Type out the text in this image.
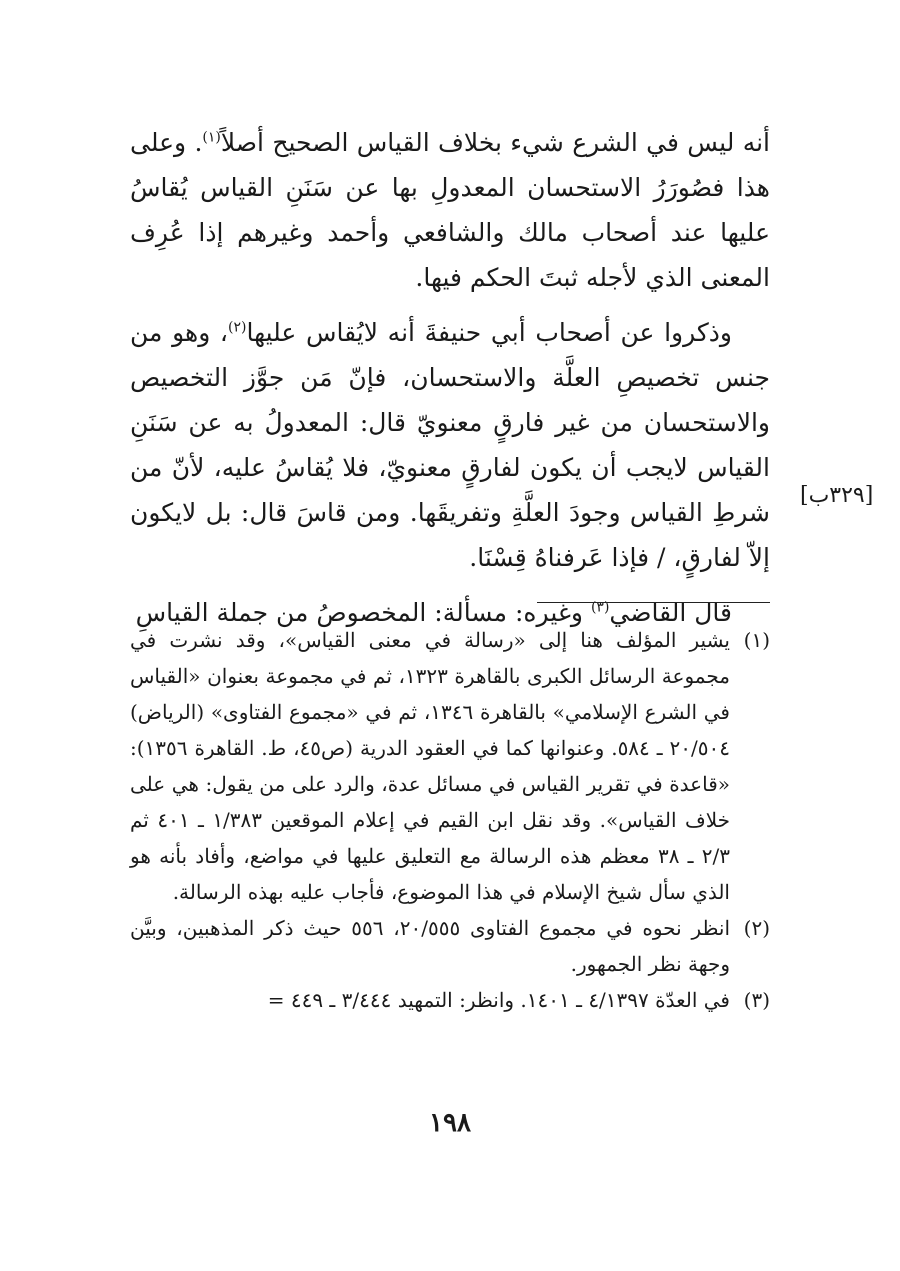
أنه ليس في الشرع شيء بخلاف القياس الصحيح أصلاً$^{(١)}$. وعلى هذا فصُورَرُ الاستحسان المعدولِ بها عن سَنَنِ القياس يُقاسُ عليها عند أصحاب مالك والشافعي وأحمد وغيرهم إذا عُرِف المعنى الذي لأجله ثبتَ الحكم فيها.

وذكروا عن أصحاب أبي حنيفةَ أنه لايُقاس عليها$^{(٢)}$، وهو من جنس تخصيصِ العلَّة والاستحسان، فإنّ مَن جوَّز التخصيص والاستحسان من غير فارقٍ معنويّ قال: المعدولُ به عن سَنَنِ القياس لايجب أن يكون لفارقٍ معنويّ، فلا يُقاسُ عليه، لأنّ من شرطِ القياس وجودَ العلَّةِ وتفريقَها. ومن قاسَ قال: بل لايكون إلاّ لفارقٍ، / فإذا عَرفناهُ قِسْنَا.

قال القاضي$^{(٣)}$ وغيره: مسألة: المخصوصُ من جملة القياسِ

[٣٢٩ب]
(١)
يشير المؤلف هنا إلى «رسالة في معنى القياس»، وقد نشرت في مجموعة الرسائل الكبرى بالقاهرة ١٣٢٣، ثم في مجموعة بعنوان «القياس في الشرع الإسلامي» بالقاهرة ١٣٤٦، ثم في «مجموع الفتاوى» (الرياض) ٢٠/٥٠٤ ـ ٥٨٤. وعنوانها كما في العقود الدرية (ص٤٥، ط. القاهرة ١٣٥٦): «قاعدة في تقرير القياس في مسائل عدة، والرد على من يقول: هي على خلاف القياس». وقد نقل ابن القيم في إعلام الموقعين ١/٣٨٣ ـ ٤٠١ ثم ٢/٣ ـ ٣٨ معظم هذه الرسالة مع التعليق عليها في مواضع، وأفاد بأنه هو الذي سأل شيخ الإسلام في هذا الموضوع، فأجاب عليه بهذه الرسالة.
(٢)
انظر نحوه في مجموع الفتاوى ٢٠/٥٥٥، ٥٥٦ حيث ذكر المذهبين، وبيَّن وجهة نظر الجمهور.
(٣)
في العدّة ٤/١٣٩٧ ـ ١٤٠١. وانظر: التمهيد ٣/٤٤٤ ـ ٤٤٩ =
١٩٨
